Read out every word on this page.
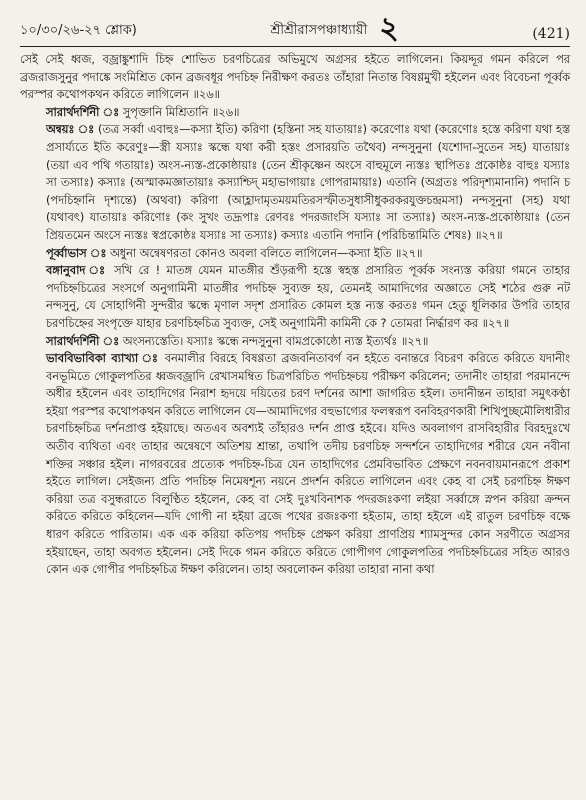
১০/৩০/২৬-২৭ শ্লোক)	শ্রীশ্রীরাসপঞ্চাধ্যায়ী ২	(421)

সেই সেই ধ্বজ, বজ্রাঙ্কুশাদি চিহ্ন শোভিত চরণচিত্রের অভিমুখে অগ্রসর হইতে লাগিলেন। কিয়দ্দূর গমন করিলে পর ব্রজরাজসুনুর পদাঙ্কে সংমিশ্রিত কোন ব্রজবধূর পদচিহ্ন নিরীক্ষণ করতঃ তাঁহারা নিতান্ত বিষণ্ণমুখী হইলেন এবং বিবেচনা পূর্ব্বক পরস্পর কথোপকথন করিতে লাগিলেন ॥২৬॥

সারার্থদর্শিনী ঃ সুপৃক্তানি মিশ্রিতানি ॥২৬॥

অন্বয়ঃ ঃ (তত্র সর্ব্বা এবাহুঃ—কস্যা ইতি) করিণা (হস্তিনা সহ যাতায়াঃ) করেণোঃ যথা (করেণোঃ হস্তে করিণা যথা হস্ত প্রসার্য্যতে ইতি করেণুঃ—স্ত্রী যস্যাঃ স্কন্ধে যথা করী হস্তং প্রসারয়তি তথৈব) নন্দসুনুনা (যশোদা-সুতেন সহ) যাতায়াঃ (তয়া এব পথি গতায়াঃ) অংস-ন্যস্ত-প্রকোষ্ঠায়াঃ (তেন শ্রীকৃষ্ণেন অংসে বাহুমূলে ন্যস্তঃ স্থাপিতঃ প্রকোষ্ঠঃ বাহুঃ যস্যাঃ সা তস্যাঃ) কস্যাঃ (অস্মাকমজ্ঞাতায়াঃ কস্যাশ্চিদ্ মহাভাগায়াঃ গোপরামায়াঃ) এতানি (অগ্রতঃ পরিদৃশ্যমানানি) পদানি চ (পদচিহ্নানি দৃশ্যন্তে) (অথবা) করিণা (আহ্লাদামৃতময়মতিরসস্ফীতসুধাসীধুকরকরযুক্তচন্দ্রমসা) নন্দসূনুনা (সহ) যথা (যথাবৎ) যাতায়াঃ করিণোঃ (কং সুখং তদ্রূপাঃ রেণবঃ পদরজাংসি যস্যাঃ সা তস্যাঃ) অংস-ন্যস্ত-প্রকোষ্ঠায়াঃ (তেন প্রিয়তমেন অংসে ন্যস্তঃ স্বপ্রকোষ্ঠঃ যস্যাঃ সা তস্যাঃ) কস্যাঃ এতানি পদানি (পরিচিন্তামিতি শেষঃ) ॥২৭॥

পূর্ব্বাভাস ঃ অধুনা অন্বেষণরতা কোনও অবলা বলিতে লাগিলেন—কস্যা ইতি ॥২৭॥

বঙ্গানুবাদ ঃ সখি রে ! মাতঙ্গ যেমন মাতঙ্গীর শুঁড়রূপী হস্তে স্বহস্ত প্রসারিত পূর্ব্বক সংন্যস্ত করিয়া গমনে তাহার পদচিহ্নচিত্রের সংসর্গে অনুগামিনী মাতঙ্গীর পদচিহ্ন সুব্যক্ত হয়, তেমনই আমাদিগের অজ্ঞাতে সেই শঠের গুরু নট নন্দসুনু, যে সোহাগিনী সুন্দরীর স্কন্ধে মৃণাল সদৃশ প্রসারিত কোমল হস্ত ন্যস্ত করতঃ গমন হেতু ধূলিকার উপরি তাহার চরণচিহ্নের সংপৃক্তে যাহার চরণচিহ্নচিত্র সুব্যক্ত, সেই অনুগামিনী কামিনী কে ? তোমরা নির্দ্ধারণ কর ॥২৭॥

সারার্থদর্শিনী ঃ অংসন্যস্তেতি। যস্যাঃ স্কন্ধে নন্দসুনুনা বামপ্রকোষ্ঠো ন্যস্ত ইত্যর্থঃ ॥২৭॥

ভাববিভাবিকা ব্যাখ্যা ঃ বনমালীর বিরহে বিষণ্ণতা ব্রজবনিতাবর্গ বন হইতে বনান্তরে বিচরণ করিতে করিতে যদানীং বনভূমিতে গোকুলপতির ধ্বজবজ্রাদি রেখাসমম্বিত চিত্রপরিচিত পদচিহ্নচয় পরীক্ষণ করিলেন; তদানীং তাহারা পরমানন্দে অধীর হইলেন এবং তাহাদিগের নিরাশ হৃদয়ে দয়িতের চরণ দর্শনের আশা জাগরিত হইল। তদানীন্তন তাহারা সমুৎকণ্ঠা হইয়া পরস্পর কথোপকথন করিতে লাগিলেন যে—আমাদিগের বহুভাগ্যের ফলস্বরূপ বনবিহরণকারী শিখিপুচ্ছমৌলিধারীর চরণচিহ্নচিত্র দর্শনপ্রাপ্ত হইয়াছে। অতএব অবশ্যই তাঁহারও দর্শন প্রাপ্ত হইবে। যদিও অবলাগণ রাসবিহারীর বিরহদুঃখে অতীব ব্যথিতা এবং তাহার অন্বেষণে অতিশয় শ্রান্তা, তথাপি তদীয় চরণচিহ্ন সন্দর্শনে তাহাদিগের শরীরে যেন নবীনা শক্তির সঞ্চার হইল। নাগরবরের প্রত্যেক পদচিহ্ন-চিত্র যেন তাহাদিগের প্রেমবিভাবিত প্রেক্ষণে নবনবায়মানরূপে প্রকাশ হইতে লাগিল। সেইজন্য প্রতি পদচিহ্ন নিমেষশূন্য নয়নে প্রদর্শন করিতে লাগিলেন এবং কেহ বা সেই চরণচিহ্ন ঈক্ষণ করিয়া তত্র বসুন্ধরাতে বিলুণ্ঠিত হইলেন, কেহ বা সেই দুঃখবিনাশক পদরজঃকণা লইয়া সর্ব্বাঙ্গে স্নপন করিয়া ক্রন্দন করিতে করিতে কহিলেন—যদি গোপী না হইয়া ব্রজে পথের রজঃকণা হইতাম, তাহা হইলে এই রাতুল চরণচিহ্ন বক্ষে ধারণ করিতে পারিতাম। এক এক করিয়া কতিপয় পদচিহ্ন প্রেক্ষণ করিয়া প্রাণপ্রিয় শ্যামসুন্দর কোন সরণীতে অগ্রসর হইয়াছেন, তাহা অবগত হইলেন। সেই দিকে গমন করিতে করিতে গোপীগণ গোকুলপতির পদচিহ্নচিত্রের সহিত আরও কোন এক গোপীর পদচিহ্নচিত্র ঈক্ষণ করিলেন। তাহা অবলোকন করিয়া তাহারা নানা কথা
